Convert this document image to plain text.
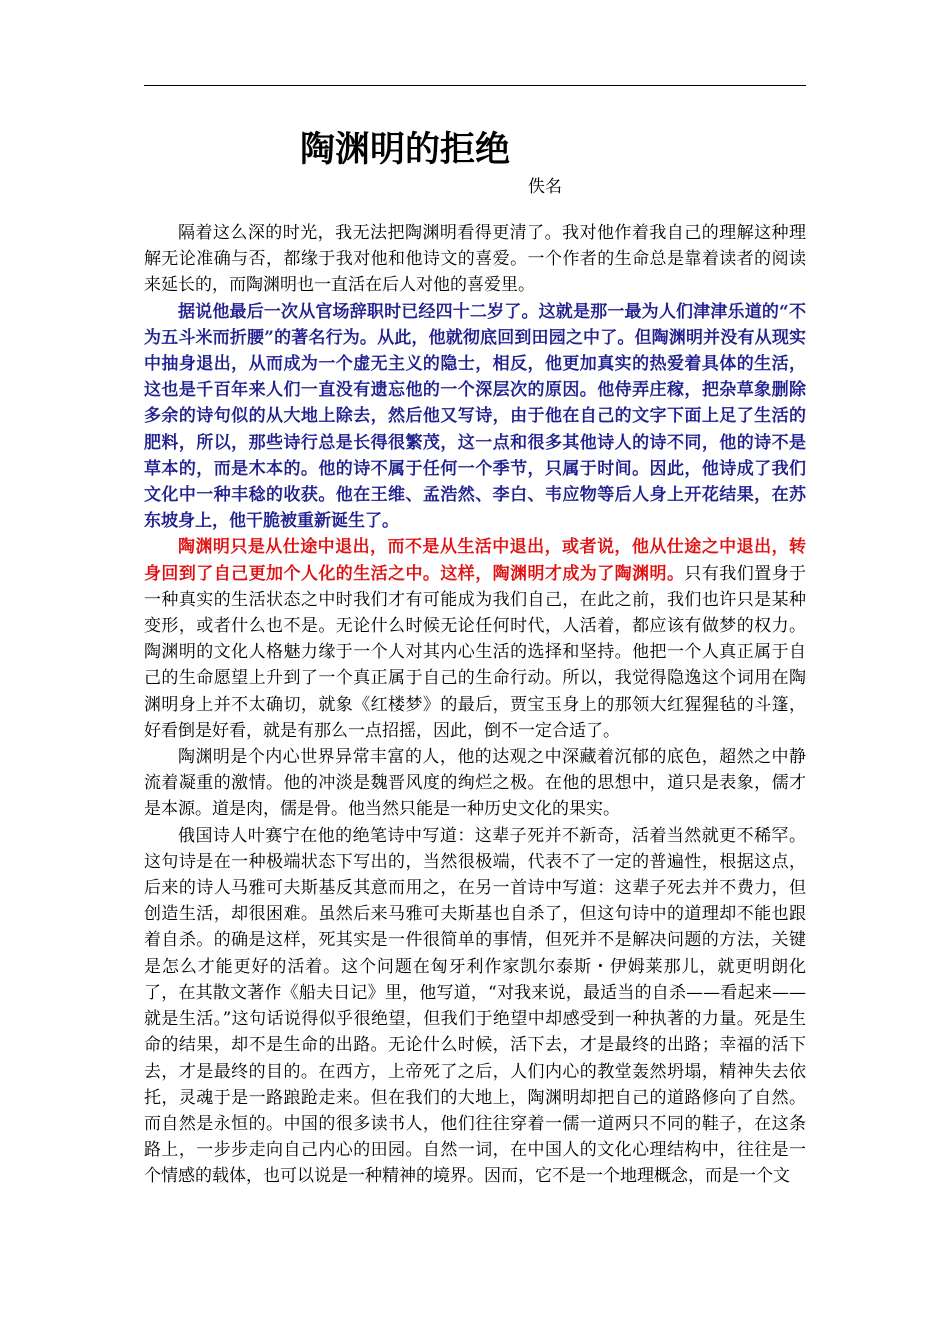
陶渊明的拒绝
佚名

隔着这么深的时光，我无法把陶渊明看得更清了。我对他作着我自己的理解这种理解无论准确与否，都缘于我对他和他诗文的喜爱。一个作者的生命总是靠着读者的阅读来延长的，而陶渊明也一直活在后人对他的喜爱里。

据说他最后一次从官场辞职时已经四十二岁了。这就是那一最为人们津津乐道的“不为五斗米而折腰”的著名行为。从此，他就彻底回到田园之中了。但陶渊明并没有从现实中抽身退出，从而成为一个虚无主义的隐士，相反，他更加真实的热爱着具体的生活，这也是千百年来人们一直没有遗忘他的一个深层次的原因。他侍弄庄稼，把杂草象删除多余的诗句似的从大地上除去，然后他又写诗，由于他在自己的文字下面上足了生活的肥料，所以，那些诗行总是长得很繁茂，这一点和很多其他诗人的诗不同，他的诗不是草本的，而是木本的。他的诗不属于任何一个季节，只属于时间。因此，他诗成了我们文化中一种丰稔的收获。他在王维、孟浩然、李白、韦应物等后人身上开花结果，在苏东坡身上，他干脆被重新诞生了。

陶渊明只是从仕途中退出，而不是从生活中退出，或者说，他从仕途之中退出，转身回到了自己更加个人化的生活之中。这样，陶渊明才成为了陶渊明。只有我们置身于一种真实的生活状态之中时我们才有可能成为我们自己，在此之前，我们也许只是某种变形，或者什么也不是。无论什么时候无论任何时代，人活着，都应该有做梦的权力。陶渊明的文化人格魅力缘于一个人对其内心生活的选择和坚持。他把一个人真正属于自己的生命愿望上升到了一个真正属于自己的生命行动。所以，我觉得隐逸这个词用在陶渊明身上并不太确切，就象《红楼梦》的最后，贾宝玉身上的那领大红猩猩毡的斗篷，好看倒是好看，就是有那么一点招摇，因此，倒不一定合适了。

陶渊明是个内心世界异常丰富的人，他的达观之中深藏着沉郁的底色，超然之中静流着凝重的激情。他的冲淡是魏晋风度的绚烂之极。在他的思想中，道只是表象，儒才是本源。道是肉，儒是骨。他当然只能是一种历史文化的果实。

俄国诗人叶赛宁在他的绝笔诗中写道：这辈子死并不新奇，活着当然就更不稀罕。这句诗是在一种极端状态下写出的，当然很极端，代表不了一定的普遍性，根据这点，后来的诗人马雅可夫斯基反其意而用之，在另一首诗中写道：这辈子死去并不费力，但创造生活，却很困难。虽然后来马雅可夫斯基也自杀了，但这句诗中的道理却不能也跟着自杀。的确是这样，死其实是一件很简单的事情，但死并不是解决问题的方法，关键是怎么才能更好的活着。这个问题在匈牙利作家凯尔泰斯・伊姆莱那儿，就更明朗化了，在其散文著作《船夫日记》里，他写道，“对我来说，最适当的自杀——看起来——就是生活。”这句话说得似乎很绝望，但我们于绝望中却感受到一种执著的力量。死是生命的结果，却不是生命的出路。无论什么时候，活下去，才是最终的出路；幸福的活下去，才是最终的目的。在西方，上帝死了之后，人们内心的教堂轰然坍塌，精神失去依托，灵魂于是一路踉跄走来。但在我们的大地上，陶渊明却把自己的道路修向了自然。而自然是永恒的。中国的很多读书人，他们往往穿着一儒一道两只不同的鞋子，在这条路上，一步步走向自己内心的田园。自然一词，在中国人的文化心理结构中，往往是一个情感的载体，也可以说是一种精神的境界。因而，它不是一个地理概念，而是一个文
